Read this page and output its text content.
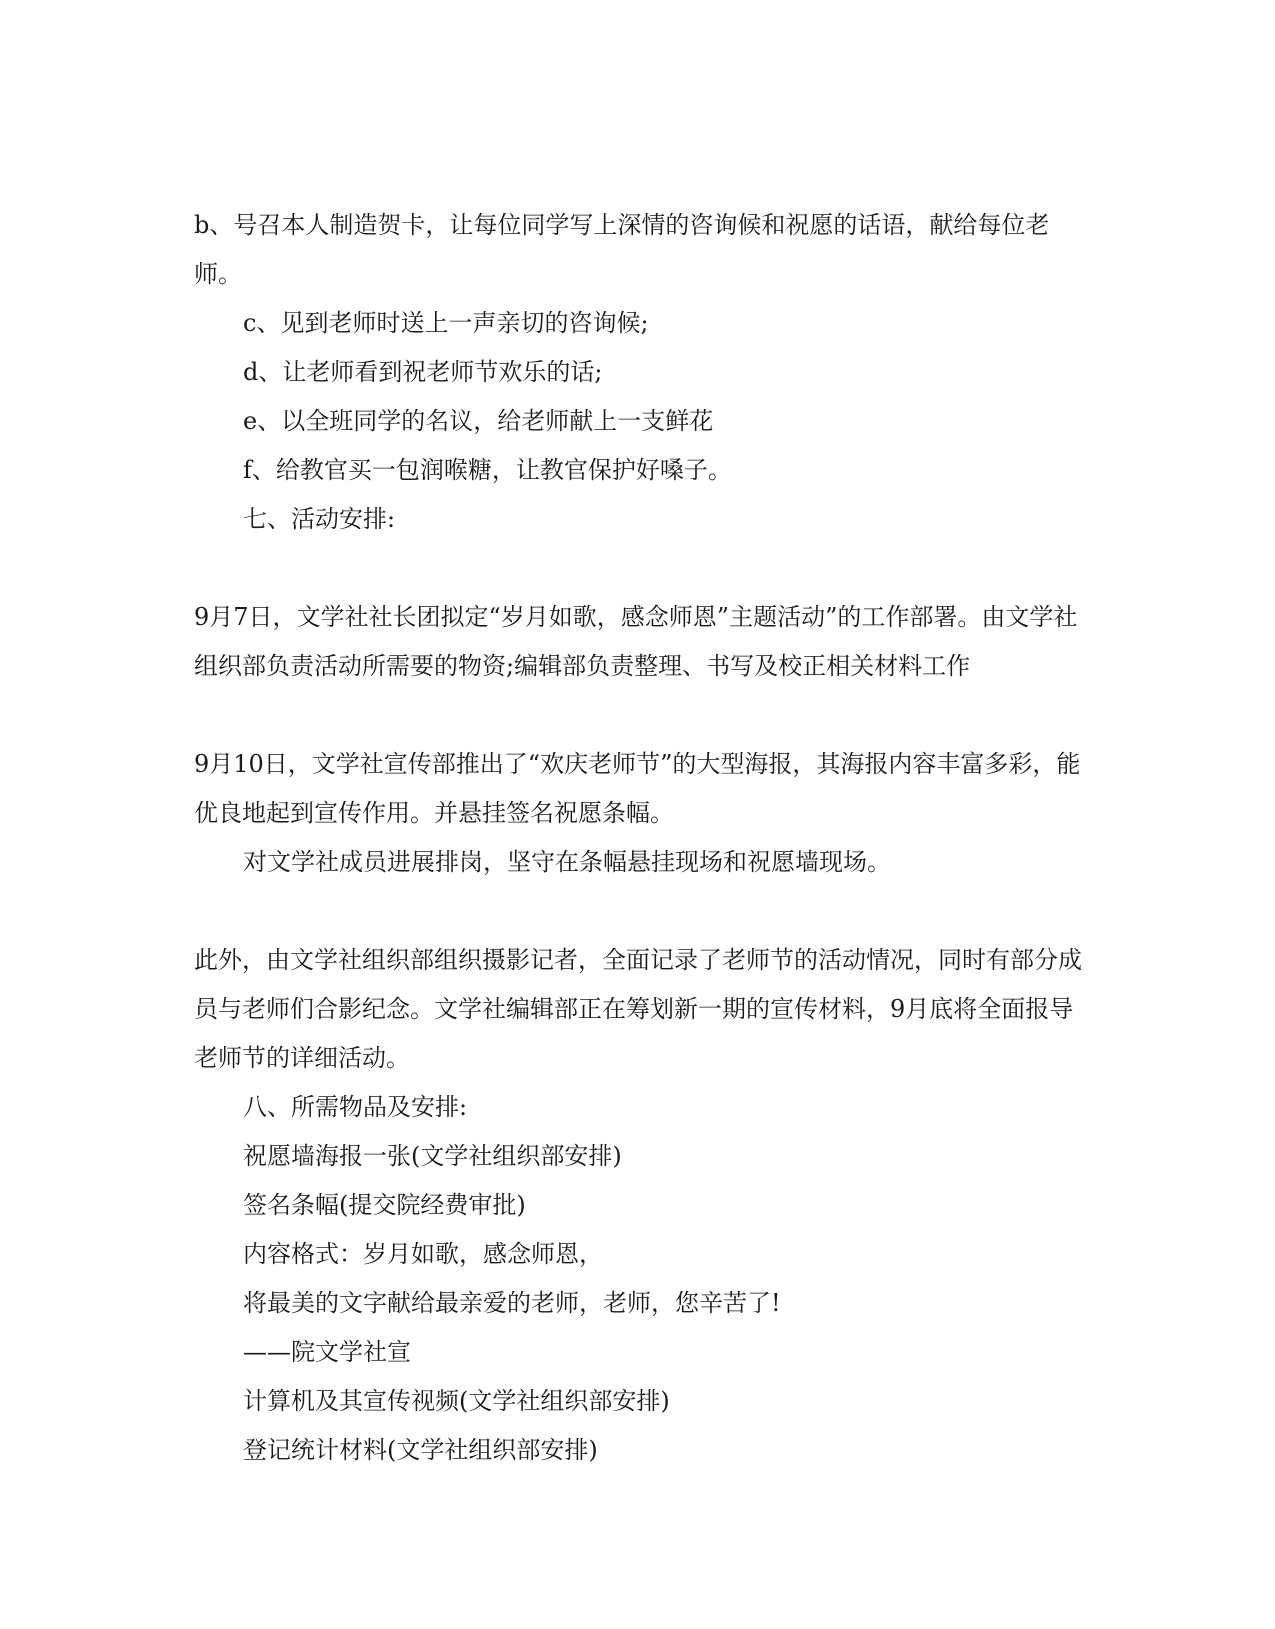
b、号召本人制造贺卡，让每位同学写上深情的咨询候和祝愿的话语，献给每位老师。

c、见到老师时送上一声亲切的咨询候;

d、让老师看到祝老师节欢乐的话;

e、以全班同学的名议，给老师献上一支鲜花

f、给教官买一包润喉糖，让教官保护好嗓子。

七、活动安排:

9月7日，文学社社长团拟定“岁月如歌，感念师恩”主题活动”的工作部署。由文学社组织部负责活动所需要的物资;编辑部负责整理、书写及校正相关材料工作

9月10日，文学社宣传部推出了“欢庆老师节”的大型海报，其海报内容丰富多彩，能优良地起到宣传作用。并悬挂签名祝愿条幅。

对文学社成员进展排岗，坚守在条幅悬挂现场和祝愿墙现场。

此外，由文学社组织部组织摄影记者，全面记录了老师节的活动情况，同时有部分成员与老师们合影纪念。文学社编辑部正在筹划新一期的宣传材料，9月底将全面报导老师节的详细活动。

八、所需物品及安排:

祝愿墙海报一张(文学社组织部安排)

签名条幅(提交院经费审批)

内容格式：岁月如歌，感念师恩，

将最美的文字献给最亲爱的老师，老师，您辛苦了!

——院文学社宣

计算机及其宣传视频(文学社组织部安排)

登记统计材料(文学社组织部安排)
